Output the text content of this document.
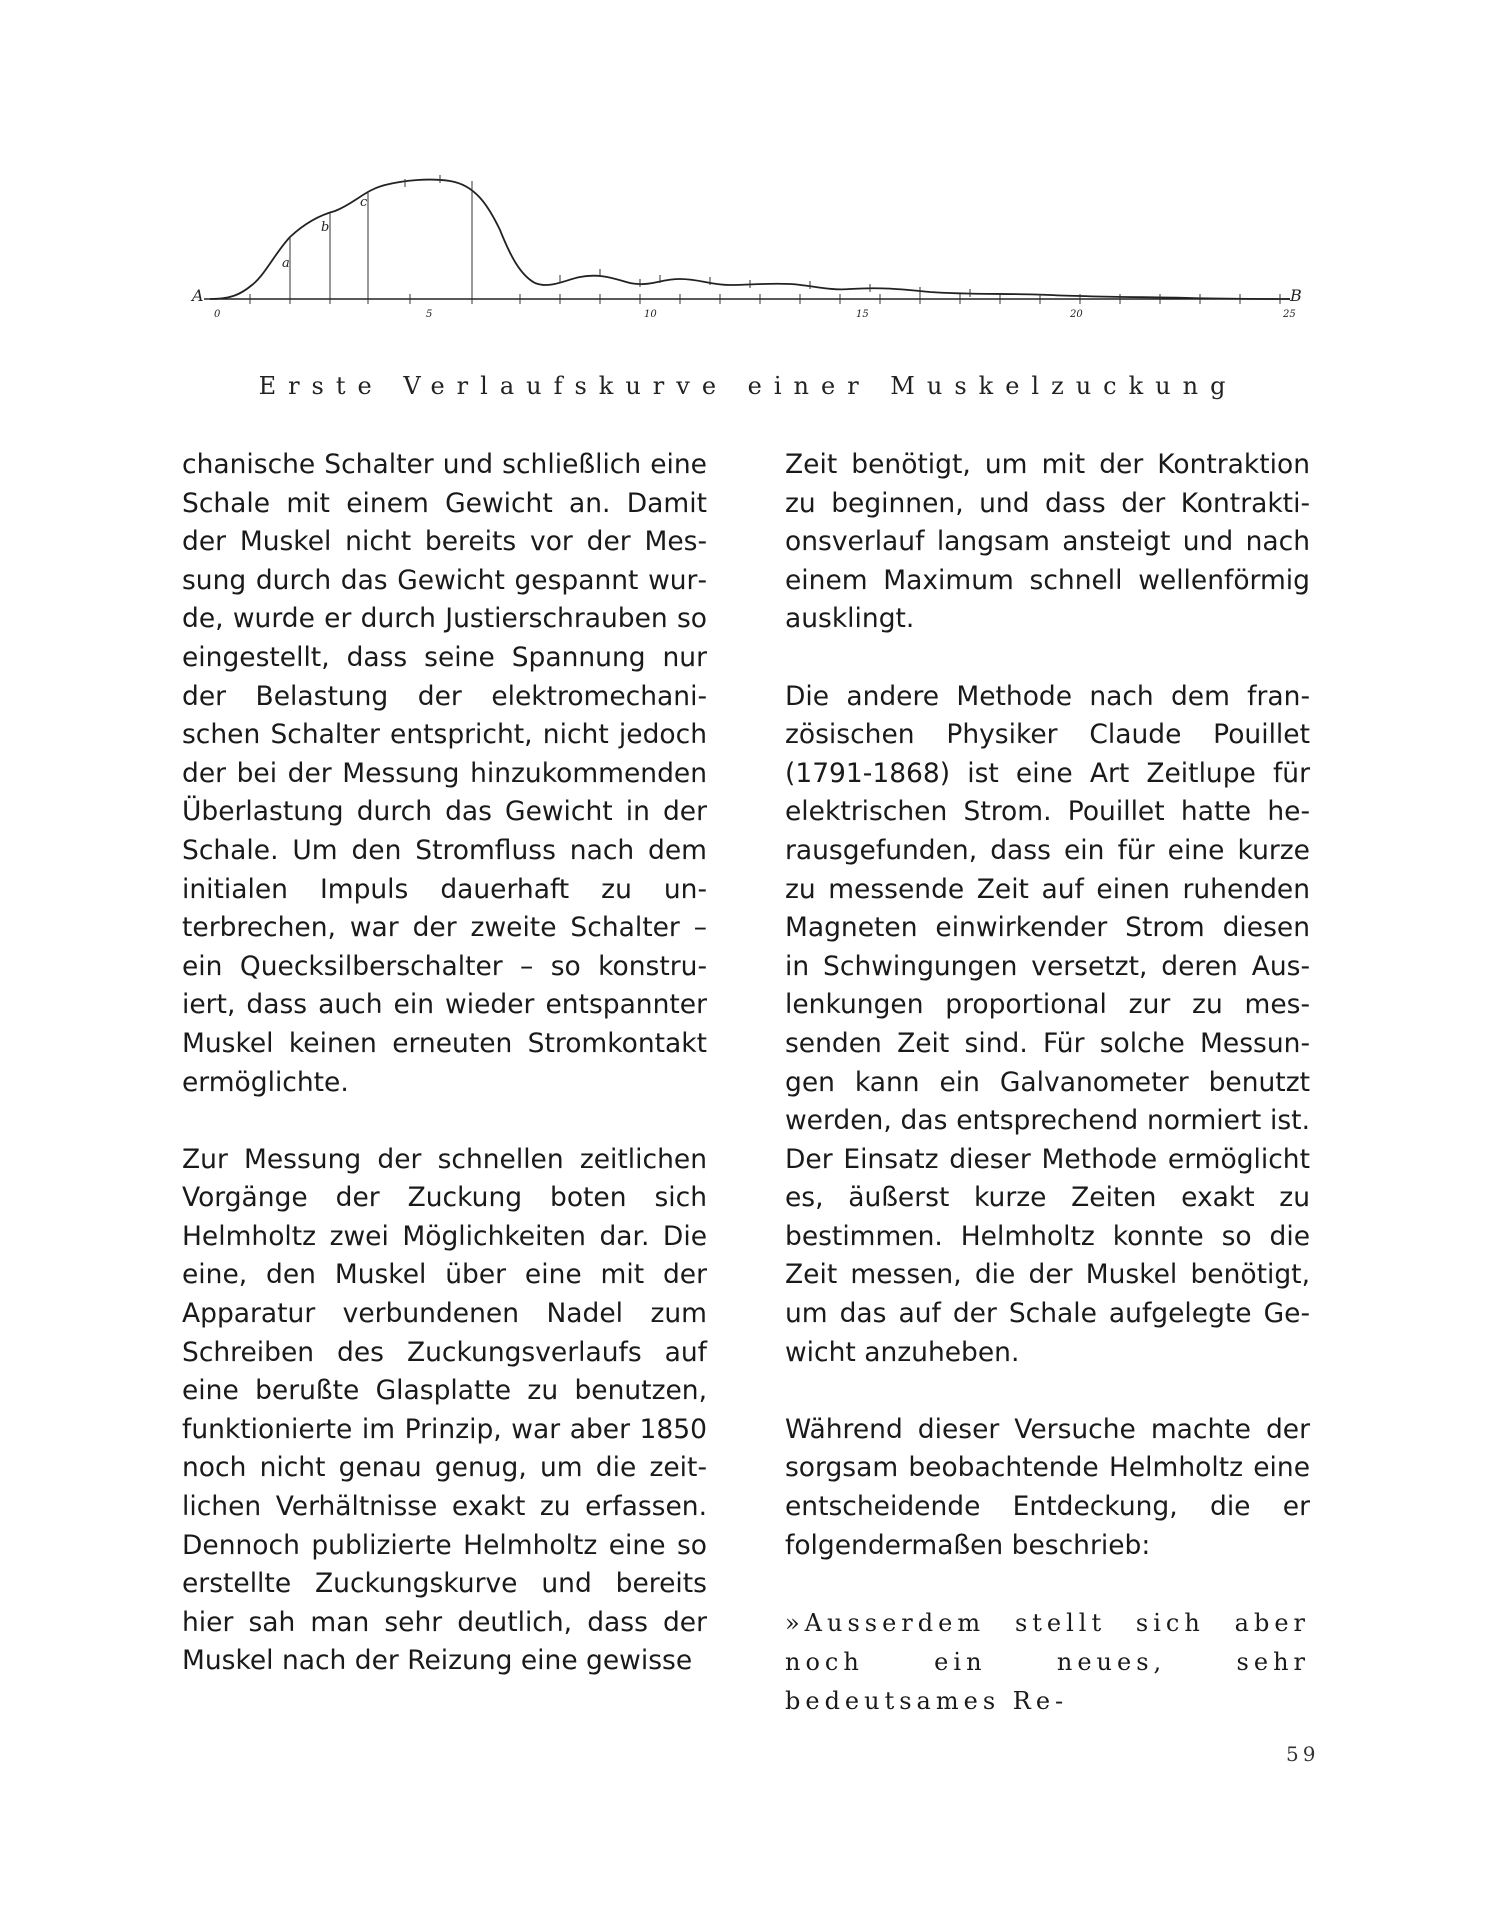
A	B
a
b
c
0	5	10	15	20	25
Erste Verlaufskurve einer Muskelzuckung

chanische Schalter und schließlich eine Schale mit einem Gewicht an. Damit der Muskel nicht bereits vor der Messung durch das Gewicht gespannt wurde, wurde er durch Justierschrauben so eingestellt, dass seine Spannung nur der Belastung der elektromechanischen Schalter entspricht, nicht jedoch der bei der Messung hinzukommenden Überlastung durch das Gewicht in der Schale. Um den Stromfluss nach dem initialen Impuls dauerhaft zu unterbrechen, war der zweite Schalter – ein Quecksilberschalter – so konstruiert, dass auch ein wieder entspannter Muskel keinen erneuten Stromkontakt ermöglichte.

Zur Messung der schnellen zeitlichen Vorgänge der Zuckung boten sich Helmholtz zwei Möglichkeiten dar. Die eine, den Muskel über eine mit der Apparatur verbundenen Nadel zum Schreiben des Zuckungsverlaufs auf eine berußte Glasplatte zu benutzen, funktionierte im Prinzip, war aber 1850 noch nicht genau genug, um die zeitlichen Verhältnisse exakt zu erfassen. Dennoch publizierte Helmholtz eine so erstellte Zuckungskurve und bereits hier sah man sehr deutlich, dass der Muskel nach der Reizung eine gewisse

Zeit benötigt, um mit der Kontraktion zu beginnen, und dass der Kontraktionsverlauf langsam ansteigt und nach einem Maximum schnell wellenförmig ausklingt.

Die andere Methode nach dem französischen Physiker Claude Pouillet (1791-1868) ist eine Art Zeitlupe für elektrischen Strom. Pouillet hatte herausgefunden, dass ein für eine kurze zu messende Zeit auf einen ruhenden Magneten einwirkender Strom diesen in Schwingungen versetzt, deren Auslenkungen proportional zur zu messenden Zeit sind. Für solche Messungen kann ein Galvanometer benutzt werden, das entsprechend normiert ist. Der Einsatz dieser Methode ermöglicht es, äußerst kurze Zeiten exakt zu bestimmen. Helmholtz konnte so die Zeit messen, die der Muskel benötigt, um das auf der Schale aufgelegte Gewicht anzuheben.

Während dieser Versuche machte der sorgsam beobachtende Helmholtz eine entscheidende Entdeckung, die er folgendermaßen beschrieb:

»Ausserdem stellt sich aber noch ein neues, sehr bedeutsames Re-

59
